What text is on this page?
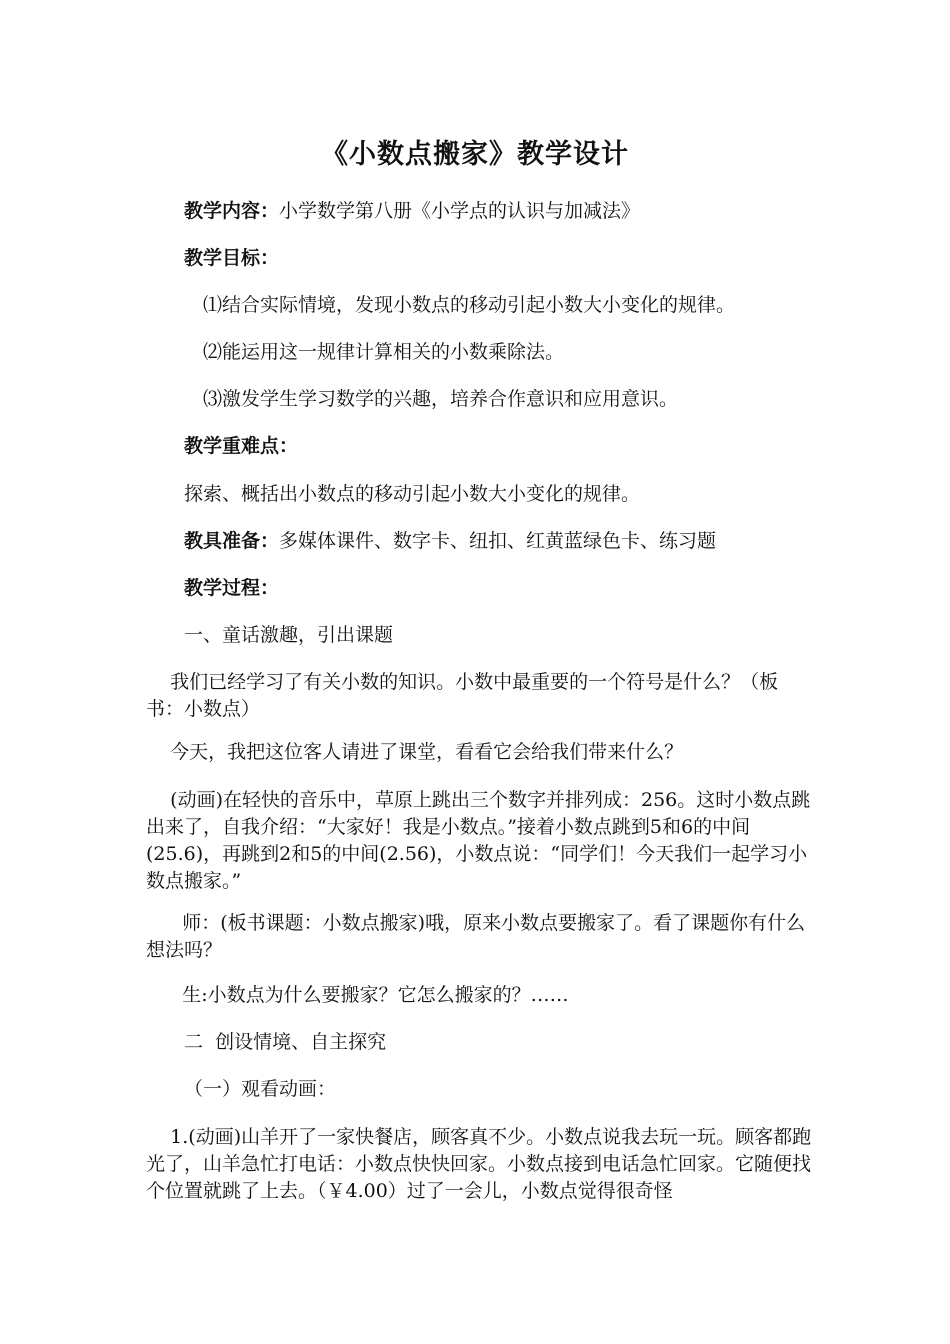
《小数点搬家》教学设计
教学内容：小学数学第八册《小学点的认识与加减法》
教学目标：
⑴结合实际情境，发现小数点的移动引起小数大小变化的规律。
⑵能运用这一规律计算相关的小数乘除法。
⑶激发学生学习数学的兴趣，培养合作意识和应用意识。
教学重难点：
探索、概括出小数点的移动引起小数大小变化的规律。
教具准备：多媒体课件、数字卡、纽扣、红黄蓝绿色卡、练习题
教学过程：
一、童话激趣，引出课题
我们已经学习了有关小数的知识。小数中最重要的一个符号是什么？（板书：小数点）
今天，我把这位客人请进了课堂，看看它会给我们带来什么？
(动画)在轻快的音乐中，草原上跳出三个数字并排列成：256。这时小数点跳出来了，自我介绍：“大家好！我是小数点。”接着小数点跳到5和6的中间(25.6)，再跳到2和5的中间(2.56)，小数点说：“同学们！今天我们一起学习小数点搬家。”
师：(板书课题：小数点搬家)哦，原来小数点要搬家了。看了课题你有什么想法吗？
生:小数点为什么要搬家？它怎么搬家的？……
二  创设情境、自主探究
（一）观看动画：
1.(动画)山羊开了一家快餐店，顾客真不少。小数点说我去玩一玩。顾客都跑光了，山羊急忙打电话：小数点快快回家。小数点接到电话急忙回家。它随便找个位置就跳了上去。（￥4.00）过了一会儿，小数点觉得很奇怪
